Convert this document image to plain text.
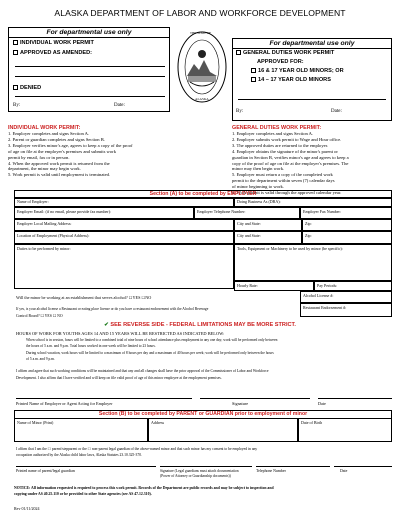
ALASKA DEPARTMENT OF LABOR AND WORKFORCE DEVELOPMENT
For departmental use only
INDIVIDUAL WORK PERMIT
APPROVED AS AMENDED:
DENIED
By:	Date:
THE STATE OF
ALASKA
For departmental use only
GENERAL DUTIES WORK PERMIT
APPROVED FOR:
16 & 17 YEAR OLD MINORS; OR
14 – 17 YEAR OLD MINORS
By:	Date:
INDIVIDUAL WORK PERMIT:
1. Employer completes and signs Section A.
2. Parent or guardian completes and signs Section B.
3. Employer verifies minor's age, agrees to keep a copy of the proof
of age on file at the employer's premises and submits work
permit by email, fax or in person.
4. When the approved work permit is returned from the
department, the minor may begin work.
5. Work permit is valid until employment is terminated.
GENERAL DUTIES WORK PERMIT:
1. Employer completes and signs Section A.
2. Employer submits work permit to Wage and Hour office.
3. The approved duties are returned to the employer.
4. Employer obtains the signature of the minor's parent or
guardian in Section B, verifies minor's age and agrees to keep a
copy of the proof of age on file at the employer's premises. The
minor may then begin work.
5. Employer must return a copy of the completed work
permit to the department within seven (7) calendar days
of minor beginning to work.
6. Work permit is valid through the approved calendar year.
Section (A) to be completed by EMPLOYER
Name of Employer:	Doing Business As (DBA):
Employer Email: (if no email, please provide fax number):	Employer Telephone Number:	Employer Fax Number:
Employer Local Mailing Address:	City and State:	Zip:
Location of Employment (Physical Address):	City and State:	Zip:
Duties to be performed by minor:	Tools, Equipment or Machinery to be used by minor (be specific):
Hourly Rate:	Pay Periods:
Will the minor be working at an establishment that serves alcohol? ☐YES ☐NO	Alcohol License #:
If yes, is your alcohol license a Restaurant or eating place license or do you have a restaurant endorsement with the Alcohol Beverage
Control Board? ☐ YES ☐ NO
Restaurant Endorsement #:
✔ SEE REVERSE SIDE - FEDERAL LIMITATIONS MAY BE MORE STRICT.
HOURS OF WORK FOR YOUTHS AGES 14 AND 15 YEARS WILL BE RESTRICTED AS INDICATED BELOW:
When school is in session, hours will be limited to a combined total of nine hours of school attendance plus employment in any one day; work will be performed only between
the hours of 5 a.m. and 9 p.m. Total hours worked in one week will be limited to 23 hours.
During school vacation, work hours will be limited to a maximum of 8 hours per day and a maximum of 40 hours per week; work will be performed only between the hours
of 5 a.m. and 9 p.m.
I affirm and agree that such working conditions will be maintained and that any and all changes shall have the prior approval of the Commissioner of Labor and Workforce
Development. I also affirm that I have verified and will keep on file valid proof of age of this minor employee at the employment premises.
Printed Name of Employer or Agent Acting for Employer	Signature	Date
Section (B) to be completed by PARENT or GUARDIAN prior to employment of minor
Name of Minor (Print)	Address	Date of Birth
I affirm that I am the ☐ parent/stepparent or the ☐ non-parent legal guardian of the above-named minor and that such minor has my consent to be employed in any
occupation authorized by the Alaska child labor laws, Alaska Statutes 23.10.325-370.
Printed name of parent/legal guardian	Signature (Legal guardians must attach documentation
(Power of Attorney or Guardianship documents))
Telephone Number	Date
NOTICE: All information requested is required to process this work permit. Records of the Department are public records and may be subject to inspection and
copying under AS 40.25.110 or be provided to other State agencies (see AS 47.12.310).
Rev 01/11/2024
